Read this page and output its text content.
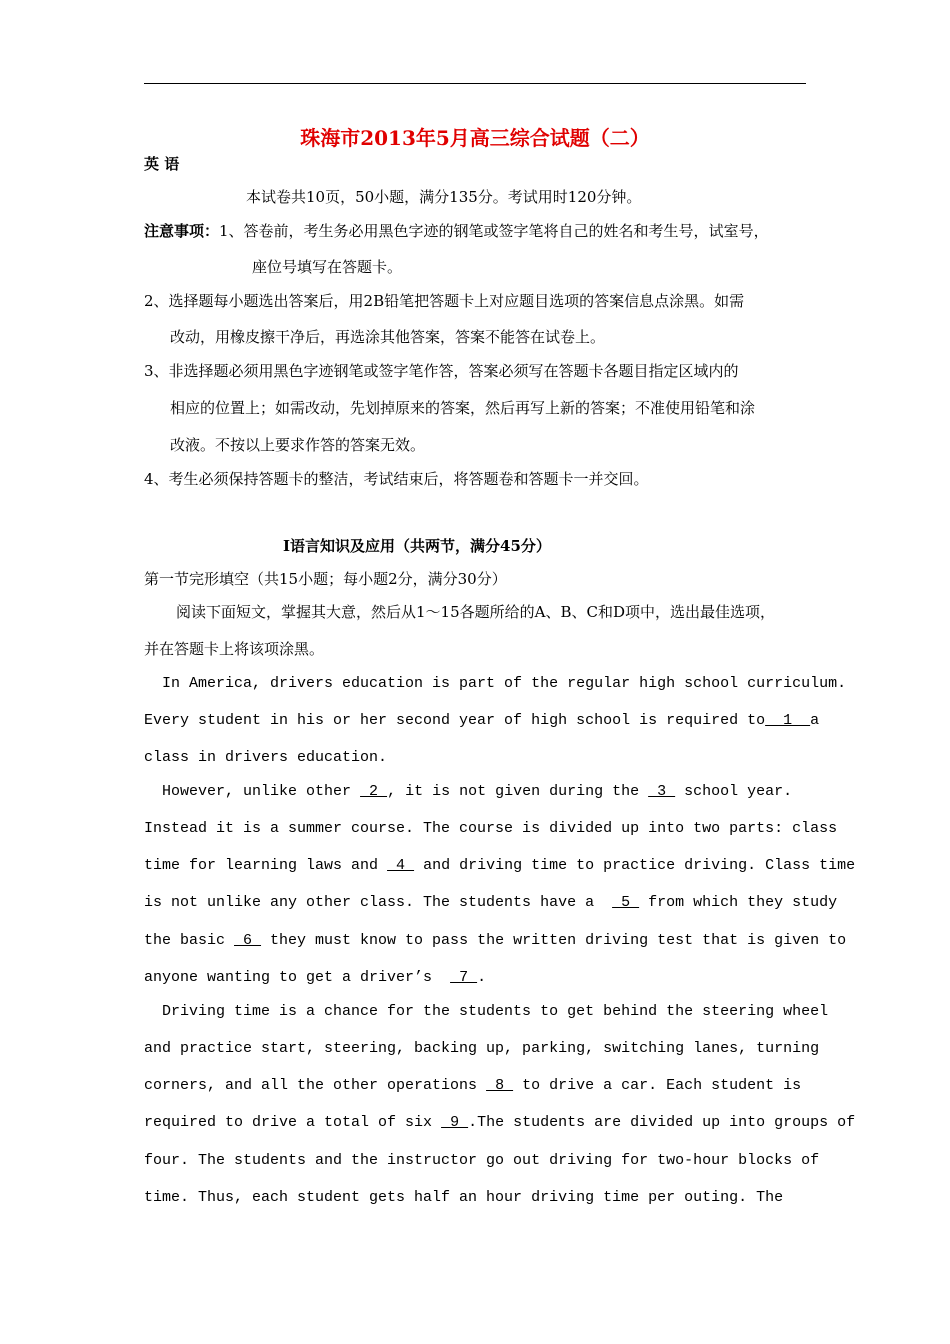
珠海市2013年5月高三综合试题（二）
英 语
本试卷共10页，50小题，满分135分。考试用时120分钟。
注意事项：1、答卷前，考生务必用黑色字迹的钢笔或签字笔将自己的姓名和考生号，试室号，
座位号填写在答题卡。
2、选择题每小题选出答案后，用2B铅笔把答题卡上对应题目选项的答案信息点涂黑。如需
改动，用橡皮擦干净后，再选涂其他答案，答案不能答在试卷上。
3、非选择题必须用黑色字迹钢笔或签字笔作答，答案必须写在答题卡各题目指定区域内的
相应的位置上；如需改动，先划掉原来的答案，然后再写上新的答案；不准使用铅笔和涂
改液。不按以上要求作答的答案无效。
4、考生必须保持答题卡的整洁，考试结束后，将答题卷和答题卡一并交回。
I语言知识及应用（共两节，满分45分）
第一节完形填空（共15小题；每小题2分，满分30分）
阅读下面短文，掌握其大意，然后从1～15各题所给的A、B、C和D项中，选出最佳选项，
并在答题卡上将该项涂黑。
In America, drivers education is part of the regular high school curriculum.
Every student in his or her second year of high school is required to  1  a
class in drivers education.
However, unlike other  2 , it is not given during the  3  school year.
Instead it is a summer course. The course is divided up into two parts: class
time for learning laws and  4  and driving time to practice driving. Class time
is not unlike any other class. The students have a   5  from which they study
the basic  6  they must know to pass the written driving test that is given to
anyone wanting to get a driver’s   7 .
Driving time is a chance for the students to get behind the steering wheel
and practice start, steering, backing up, parking, switching lanes, turning
corners, and all the other operations  8  to drive a car. Each student is
required to drive a total of six  9 .The students are divided up into groups of
four. The students and the instructor go out driving for two-hour blocks of
time. Thus, each student gets half an hour driving time per outing. The
